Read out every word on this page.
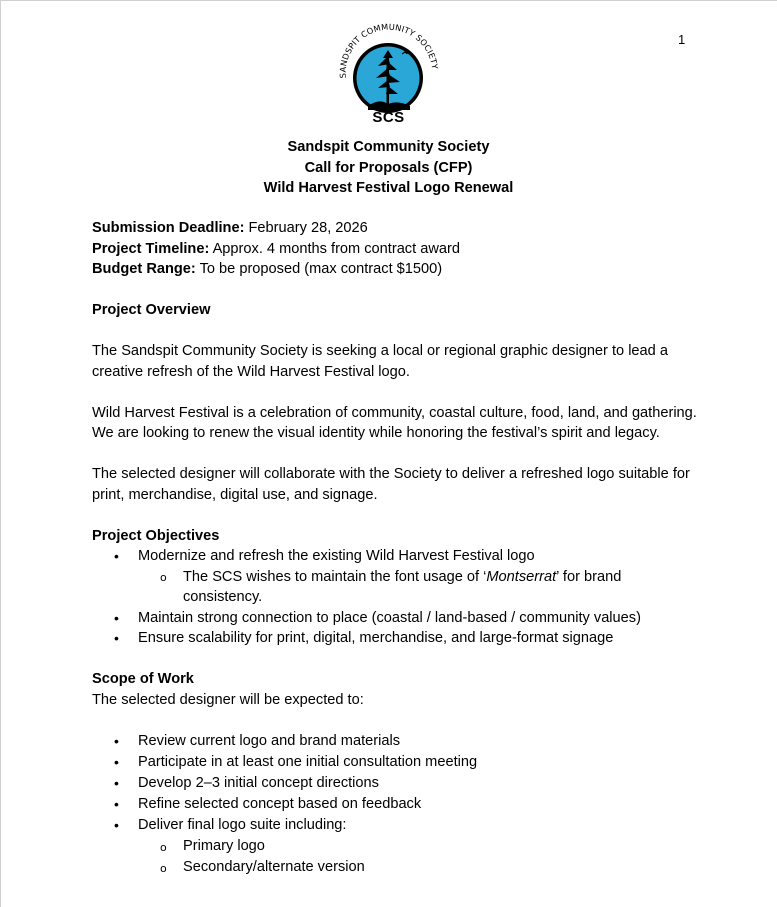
1
SANDSPIT COMMUNITY SOCIETY
SCS
Sandspit Community Society
Call for Proposals (CFP)
Wild Harvest Festival Logo Renewal

Submission Deadline: February 28, 2026

Project Timeline: Approx. 4 months from contract award

Budget Range: To be proposed (max contract $1500)

Project Overview

The Sandspit Community Society is seeking a local or regional graphic designer to lead a creative refresh of the Wild Harvest Festival logo.

Wild Harvest Festival is a celebration of community, coastal culture, food, land, and gathering. We are looking to renew the visual identity while honoring the festival’s spirit and legacy.

The selected designer will collaborate with the Society to deliver a refreshed logo suitable for print, merchandise, digital use, and signage.

Project Objectives

• Modernize and refresh the existing Wild Harvest Festival logo
o The SCS wishes to maintain the font usage of ‘Montserrat’ for brand consistency.
• Maintain strong connection to place (coastal / land-based / community values)
• Ensure scalability for print, digital, merchandise, and large-format signage

Scope of Work

The selected designer will be expected to:

• Review current logo and brand materials
• Participate in at least one initial consultation meeting
• Develop 2–3 initial concept directions
• Refine selected concept based on feedback
• Deliver final logo suite including:
o Primary logo
o Secondary/alternate version
